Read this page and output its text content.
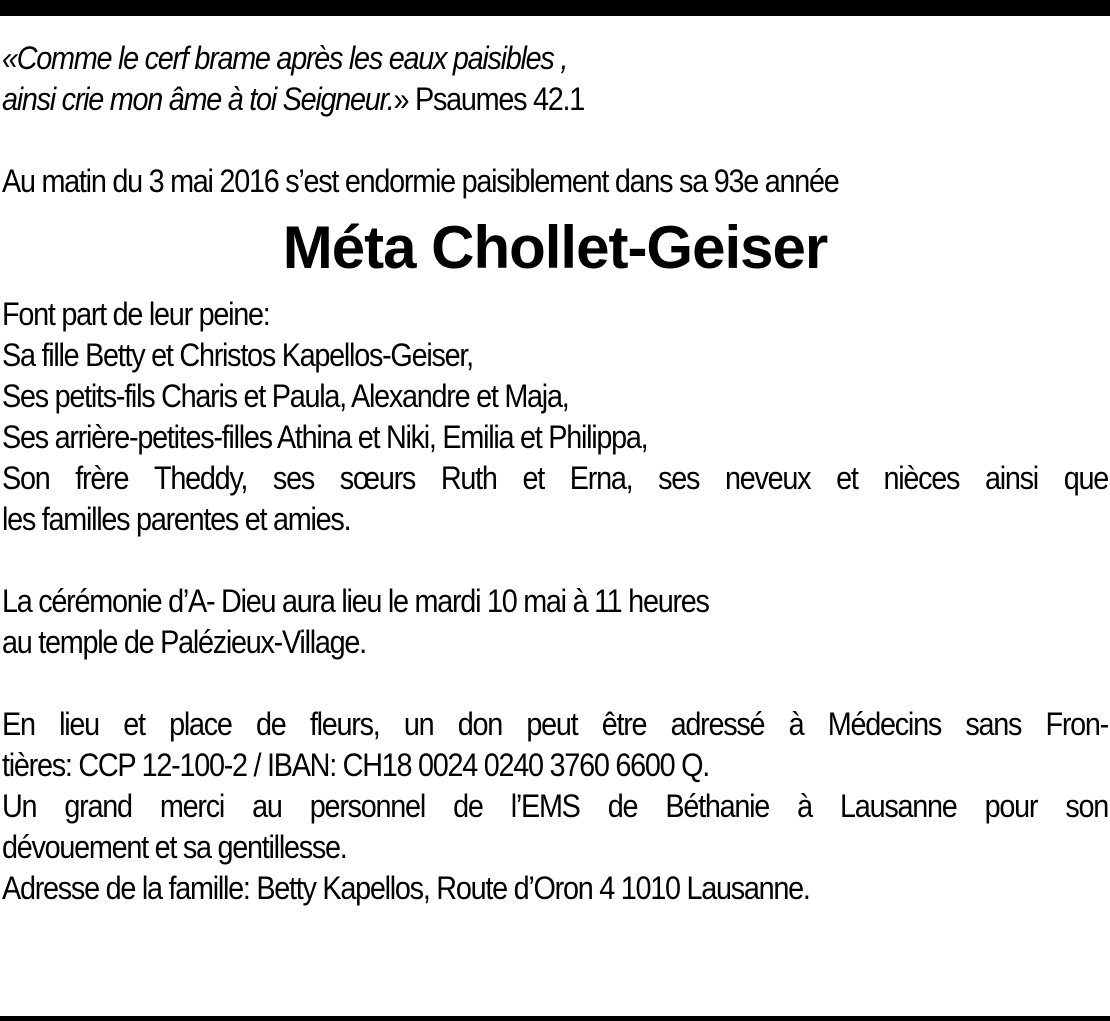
«Comme le cerf brame après les eaux paisibles ,
ainsi crie mon âme à toi Seigneur.» Psaumes 42.1
Au matin du 3 mai 2016 s’est endormie paisiblement dans sa 93e année
Méta Chollet-Geiser
Font part de leur peine:
Sa fille Betty et Christos Kapellos-Geiser,
Ses petits-fils Charis et Paula, Alexandre et Maja,
Ses arrière-petites-filles Athina et Niki, Emilia et Philippa,
Son frère Theddy, ses sœurs Ruth et Erna, ses neveux et nièces ainsi que
les familles parentes et amies.
La cérémonie d’A- Dieu aura lieu le mardi 10 mai à 11 heures
au temple de Palézieux-Village.
En lieu et place de fleurs, un don peut être adressé à Médecins sans Fron-
tières: CCP 12-100-2 / IBAN: CH18 0024 0240 3760 6600 Q.
Un grand merci au personnel de l’EMS de Béthanie à Lausanne pour son
dévouement et sa gentillesse.
Adresse de la famille: Betty Kapellos, Route d’Oron 4 1010 Lausanne.
